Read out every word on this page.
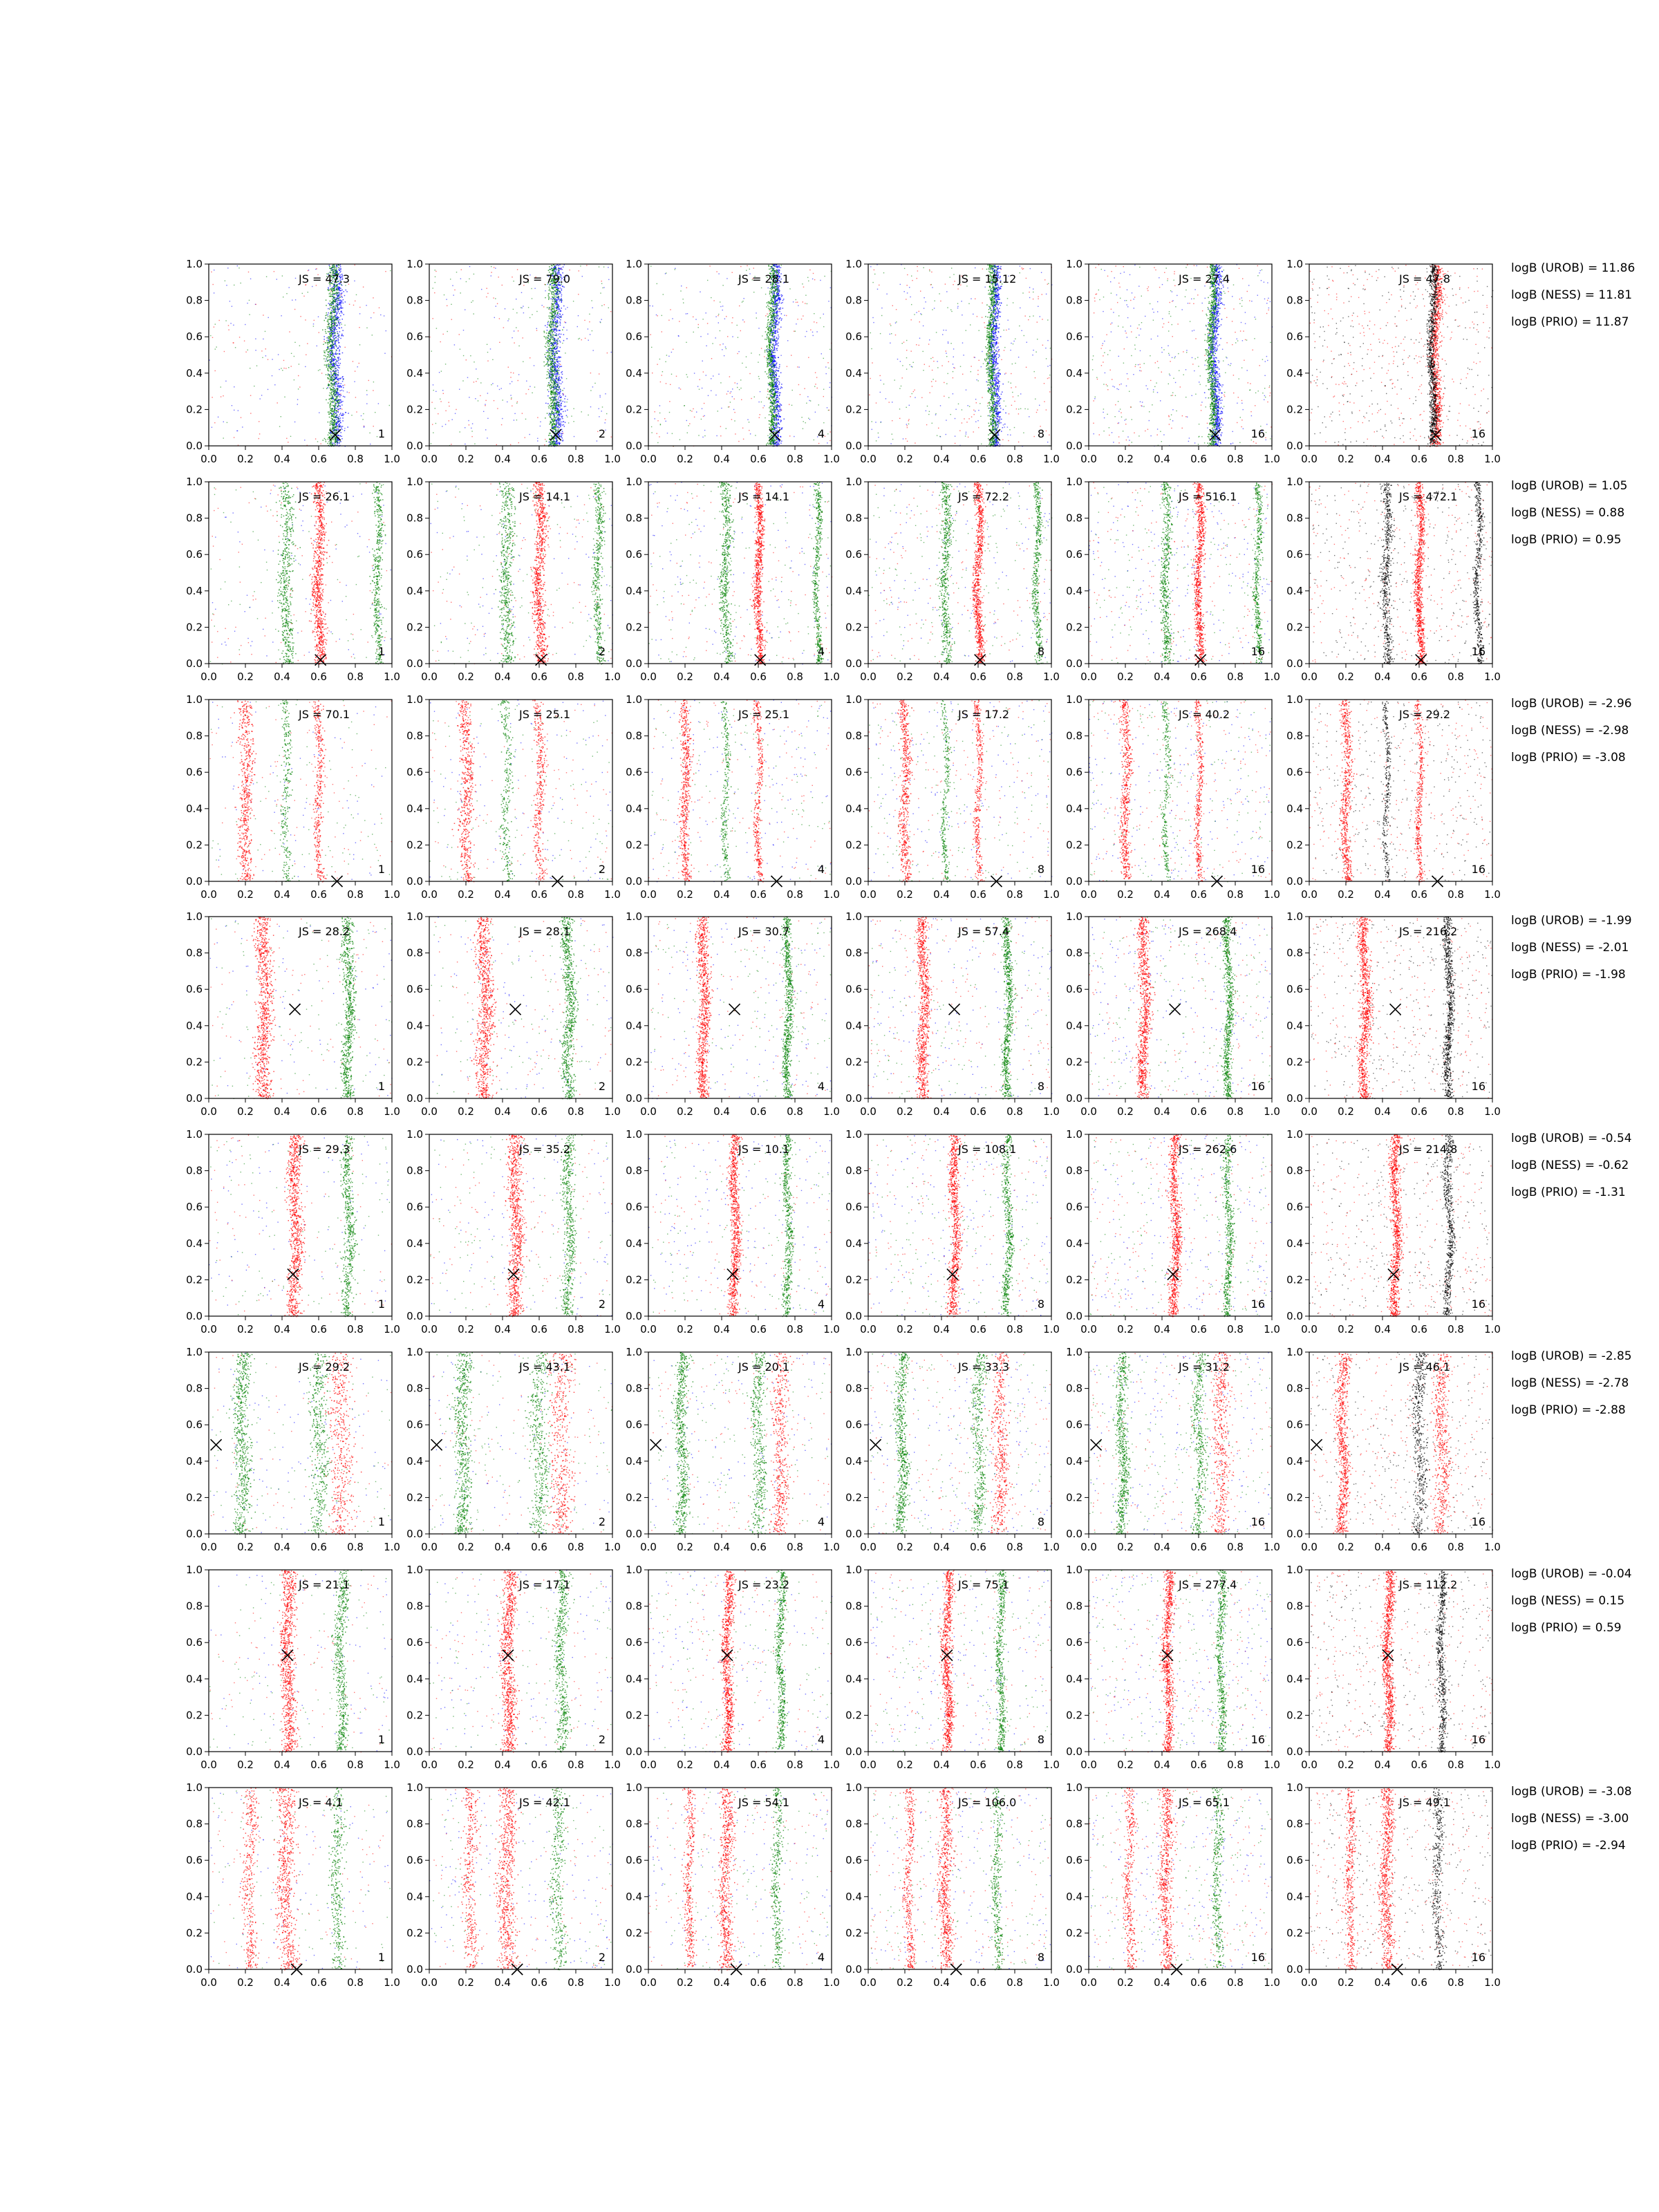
0.0 0.2 0.4 0.6 0.8 1.0
0.0
0.2
0.4
0.6
0.8
1.0
JS = 47.3
1
0.0 0.2 0.4 0.6 0.8 1.0
0.0
0.2
0.4
0.6
0.8
1.0
JS = 79.0
2
0.0 0.2 0.4 0.6 0.8 1.0
0.0
0.2
0.4
0.6
0.8
1.0
JS = 28.1
4
0.0 0.2 0.4 0.6 0.8 1.0
0.0
0.2
0.4
0.6
0.8
1.0
JS = 15.12
8
0.0 0.2 0.4 0.6 0.8 1.0
0.0
0.2
0.4
0.6
0.8
1.0
JS = 27.4
16
0.0 0.2 0.4 0.6 0.8 1.0
0.0
0.2
0.4
0.6
0.8
1.0
JS = 47.8
16
0.0 0.2 0.4 0.6 0.8 1.0
0.0
0.2
0.4
0.6
0.8
1.0
JS = 26.1
1
0.0 0.2 0.4 0.6 0.8 1.0
0.0
0.2
0.4
0.6
0.8
1.0
JS = 14.1
2
0.0 0.2 0.4 0.6 0.8 1.0
0.0
0.2
0.4
0.6
0.8
1.0
JS = 14.1
4
0.0 0.2 0.4 0.6 0.8 1.0
0.0
0.2
0.4
0.6
0.8
1.0
JS = 72.2
8
0.0 0.2 0.4 0.6 0.8 1.0
0.0
0.2
0.4
0.6
0.8
1.0
JS = 516.1
16
0.0 0.2 0.4 0.6 0.8 1.0
0.0
0.2
0.4
0.6
0.8
1.0
JS = 472.1
16
0.0 0.2 0.4 0.6 0.8 1.0
0.0
0.2
0.4
0.6
0.8
1.0
JS = 70.1
1
0.0 0.2 0.4 0.6 0.8 1.0
0.0
0.2
0.4
0.6
0.8
1.0
JS = 25.1
2
0.0 0.2 0.4 0.6 0.8 1.0
0.0
0.2
0.4
0.6
0.8
1.0
JS = 25.1
4
0.0 0.2 0.4 0.6 0.8 1.0
0.0
0.2
0.4
0.6
0.8
1.0
JS = 17.2
8
0.0 0.2 0.4 0.6 0.8 1.0
0.0
0.2
0.4
0.6
0.8
1.0
JS = 40.2
16
0.0 0.2 0.4 0.6 0.8 1.0
0.0
0.2
0.4
0.6
0.8
1.0
JS = 29.2
16
0.0 0.2 0.4 0.6 0.8 1.0
0.0
0.2
0.4
0.6
0.8
1.0
JS = 28.2
1
0.0 0.2 0.4 0.6 0.8 1.0
0.0
0.2
0.4
0.6
0.8
1.0
JS = 28.1
2
0.0 0.2 0.4 0.6 0.8 1.0
0.0
0.2
0.4
0.6
0.8
1.0
JS = 30.7
4
0.0 0.2 0.4 0.6 0.8 1.0
0.0
0.2
0.4
0.6
0.8
1.0
JS = 57.4
8
0.0 0.2 0.4 0.6 0.8 1.0
0.0
0.2
0.4
0.6
0.8
1.0
JS = 268.4
16
0.0 0.2 0.4 0.6 0.8 1.0
0.0
0.2
0.4
0.6
0.8
1.0
JS = 216.2
16
0.0 0.2 0.4 0.6 0.8 1.0
0.0
0.2
0.4
0.6
0.8
1.0
JS = 29.3
1
0.0 0.2 0.4 0.6 0.8 1.0
0.0
0.2
0.4
0.6
0.8
1.0
JS = 35.2
2
0.0 0.2 0.4 0.6 0.8 1.0
0.0
0.2
0.4
0.6
0.8
1.0
JS = 10.1
4
0.0 0.2 0.4 0.6 0.8 1.0
0.0
0.2
0.4
0.6
0.8
1.0
JS = 108.1
8
0.0 0.2 0.4 0.6 0.8 1.0
0.0
0.2
0.4
0.6
0.8
1.0
JS = 262.6
16
0.0 0.2 0.4 0.6 0.8 1.0
0.0
0.2
0.4
0.6
0.8
1.0
JS = 214.8
16
0.0 0.2 0.4 0.6 0.8 1.0
0.0
0.2
0.4
0.6
0.8
1.0
JS = 29.2
1
0.0 0.2 0.4 0.6 0.8 1.0
0.0
0.2
0.4
0.6
0.8
1.0
JS = 43.1
2
0.0 0.2 0.4 0.6 0.8 1.0
0.0
0.2
0.4
0.6
0.8
1.0
JS = 20.1
4
0.0 0.2 0.4 0.6 0.8 1.0
0.0
0.2
0.4
0.6
0.8
1.0
JS = 33.3
8
0.0 0.2 0.4 0.6 0.8 1.0
0.0
0.2
0.4
0.6
0.8
1.0
JS = 31.2
16
0.0 0.2 0.4 0.6 0.8 1.0
0.0
0.2
0.4
0.6
0.8
1.0
JS = 46.1
16
0.0 0.2 0.4 0.6 0.8 1.0
0.0
0.2
0.4
0.6
0.8
1.0
JS = 21.1
1
0.0 0.2 0.4 0.6 0.8 1.0
0.0
0.2
0.4
0.6
0.8
1.0
JS = 17.1
2
0.0 0.2 0.4 0.6 0.8 1.0
0.0
0.2
0.4
0.6
0.8
1.0
JS = 23.2
4
0.0 0.2 0.4 0.6 0.8 1.0
0.0
0.2
0.4
0.6
0.8
1.0
JS = 75.1
8
0.0 0.2 0.4 0.6 0.8 1.0
0.0
0.2
0.4
0.6
0.8
1.0
JS = 277.4
16
0.0 0.2 0.4 0.6 0.8 1.0
0.0
0.2
0.4
0.6
0.8
1.0
JS = 112.2
16
0.0 0.2 0.4 0.6 0.8 1.0
0.0
0.2
0.4
0.6
0.8
1.0
JS = 4.1
1
0.0 0.2 0.4 0.6 0.8 1.0
0.0
0.2
0.4
0.6
0.8
1.0
JS = 42.1
2
0.0 0.2 0.4 0.6 0.8 1.0
0.0
0.2
0.4
0.6
0.8
1.0
JS = 54.1
4
0.0 0.2 0.4 0.6 0.8 1.0
0.0
0.2
0.4
0.6
0.8
1.0
JS = 106.0
8
0.0 0.2 0.4 0.6 0.8 1.0
0.0
0.2
0.4
0.6
0.8
1.0
JS = 65.1
16
0.0 0.2 0.4 0.6 0.8 1.0
0.0
0.2
0.4
0.6
0.8
1.0
JS = 49.1
16
logB (UROB) = 11.86
logB (NESS) = 11.81
logB (PRIO) = 11.87
logB (UROB) = 1.05
logB (NESS) = 0.88
logB (PRIO) = 0.95
logB (UROB) = -2.96
logB (NESS) = -2.98
logB (PRIO) = -3.08
logB (UROB) = -1.99
logB (NESS) = -2.01
logB (PRIO) = -1.98
logB (UROB) = -0.54
logB (NESS) = -0.62
logB (PRIO) = -1.31
logB (UROB) = -2.85
logB (NESS) = -2.78
logB (PRIO) = -2.88
logB (UROB) = -0.04
logB (NESS) = 0.15
logB (PRIO) = 0.59
logB (UROB) = -3.08
logB (NESS) = -3.00
logB (PRIO) = -2.94
